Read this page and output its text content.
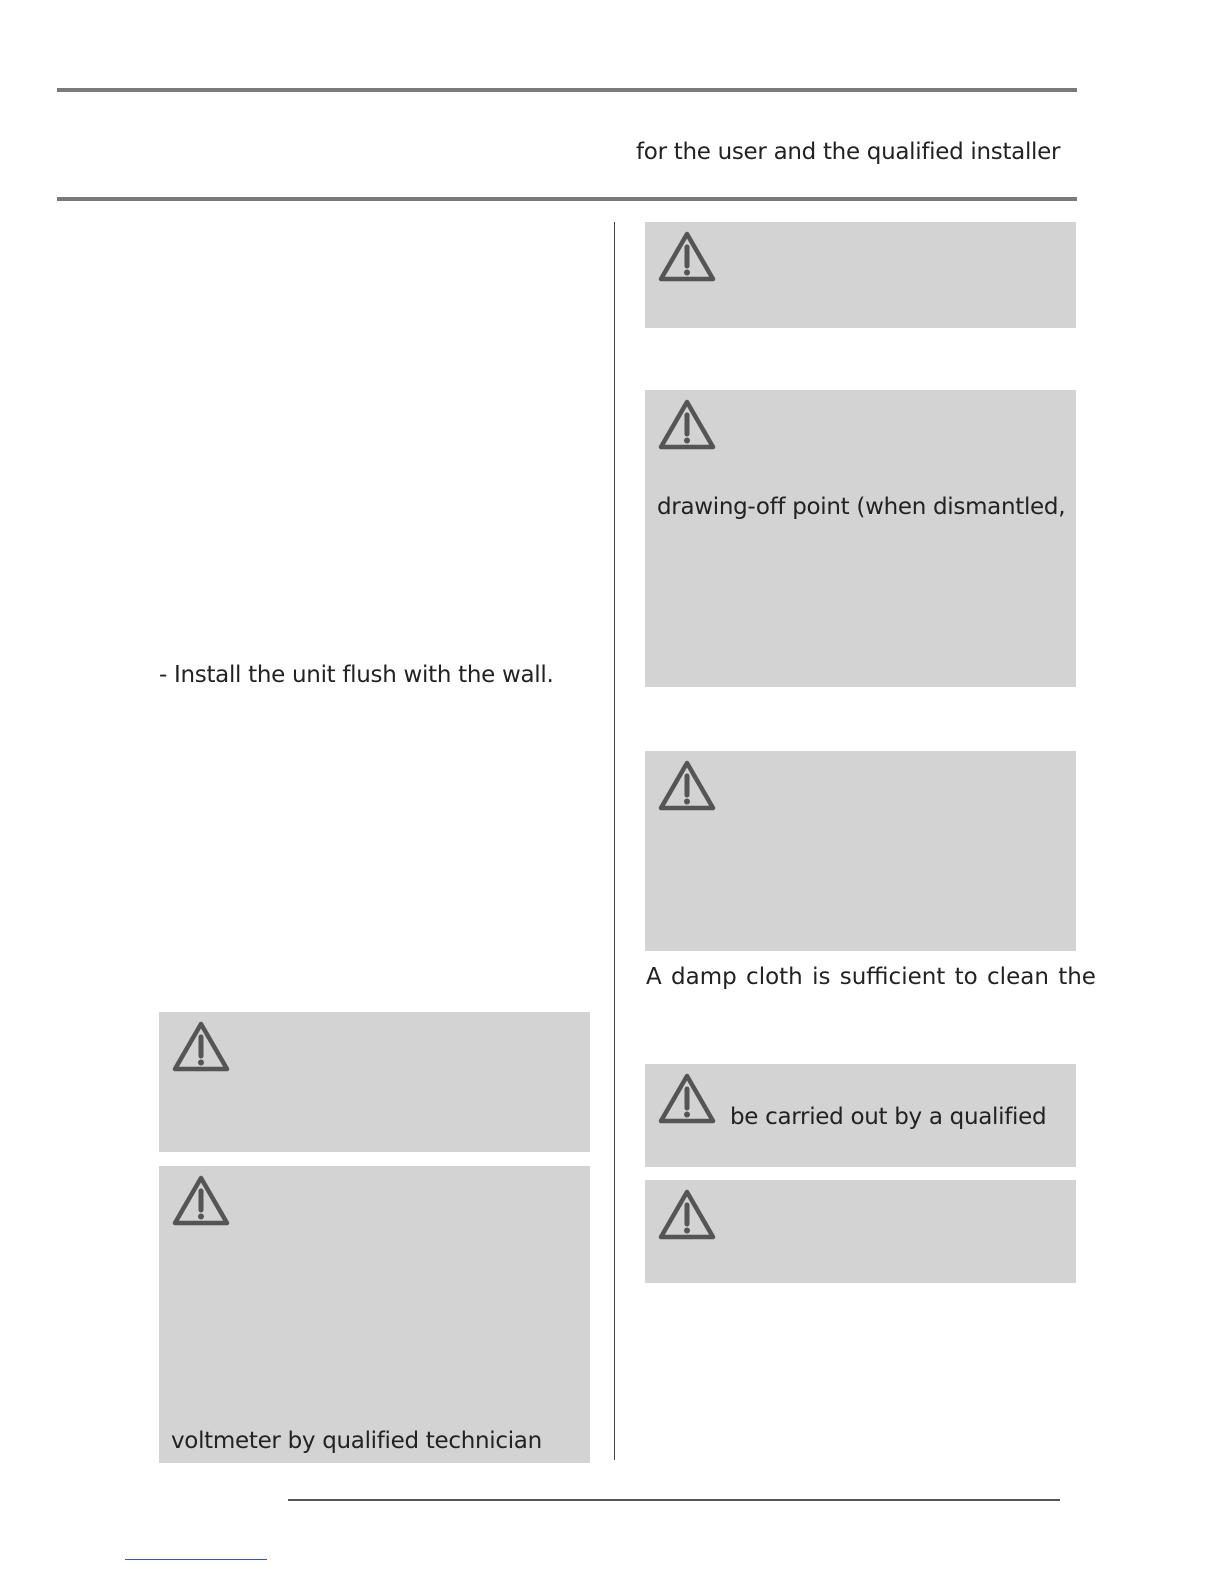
for the user and the qualified installer
- Install the unit flush with the wall.
voltmeter by qualified technician
drawing-off point (when dismantled,
A damp cloth is sufficient to clean the
be carried out by a qualified
